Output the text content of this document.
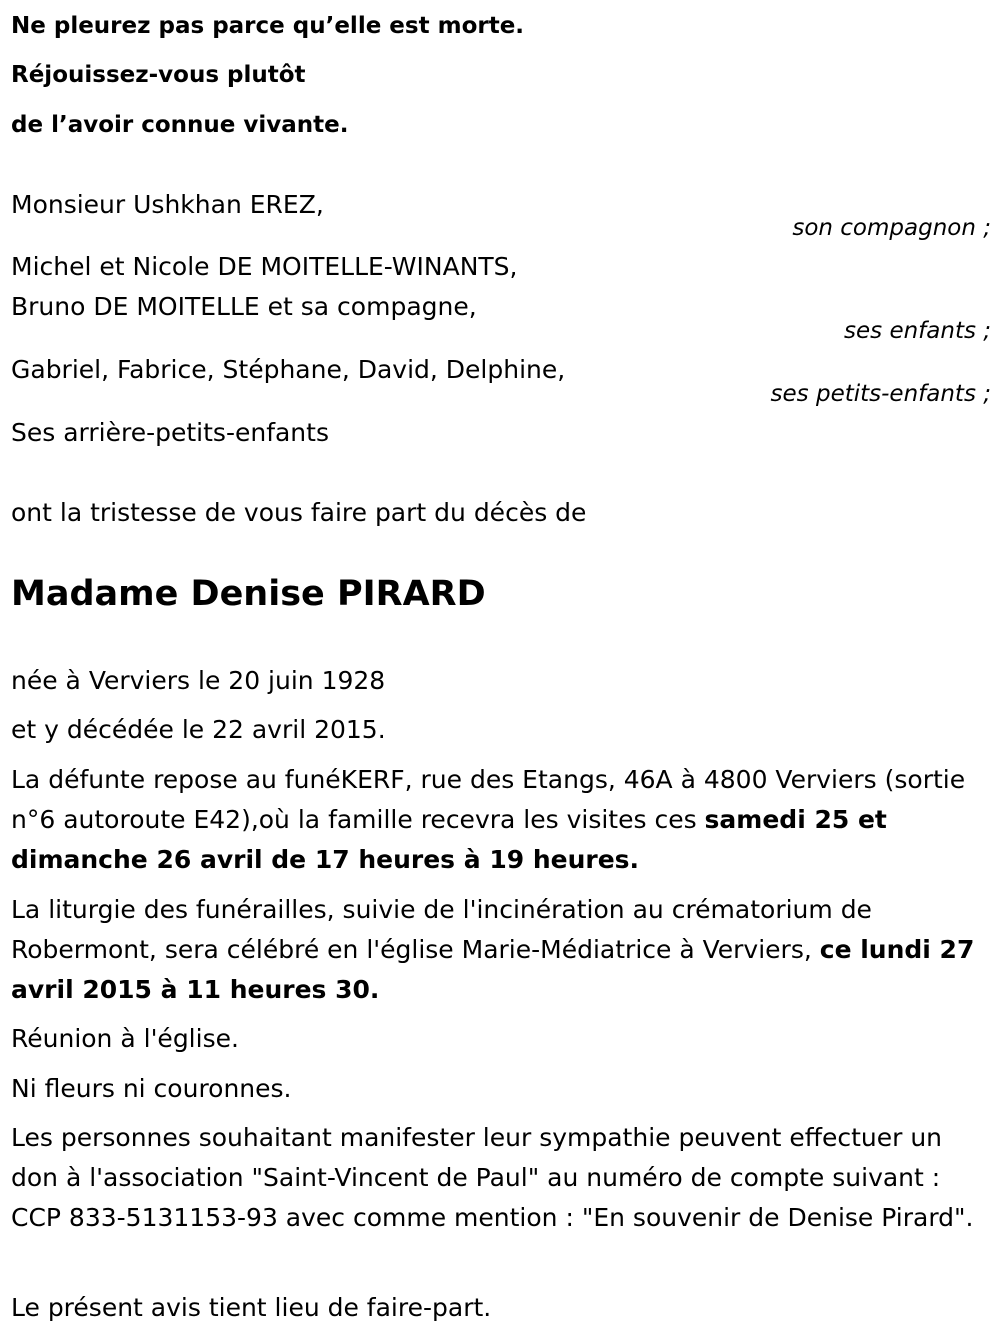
Ne pleurez pas parce qu’elle est morte.
Réjouissez-vous plutôt
de l’avoir connue vivante.
Monsieur Ushkhan EREZ,
son compagnon ;
Michel et Nicole DE MOITELLE-WINANTS,
Bruno DE MOITELLE et sa compagne,
ses enfants ;
Gabriel, Fabrice, Stéphane, David, Delphine,
ses petits-enfants ;
Ses arrière-petits-enfants
ont la tristesse de vous faire part du décès de
Madame Denise PIRARD
née à Verviers le 20 juin 1928
et y décédée le 22 avril 2015.
La défunte repose au funéKERF, rue des Etangs, 46A à 4800 Verviers (sortie n°6 autoroute E42),où la famille recevra les visites ces samedi 25 et dimanche 26 avril de 17 heures à 19 heures.
La liturgie des funérailles, suivie de l'incinération au crématorium de Robermont, sera célébré en l'église Marie-Médiatrice à Verviers, ce lundi 27 avril 2015 à 11 heures 30.
Réunion à l'église.
Ni fleurs ni couronnes.
Les personnes souhaitant manifester leur sympathie peuvent effectuer un don à l'association "Saint-Vincent de Paul" au numéro de compte suivant : CCP 833-5131153-93 avec comme mention : "En souvenir de Denise Pirard".
Le présent avis tient lieu de faire-part.
